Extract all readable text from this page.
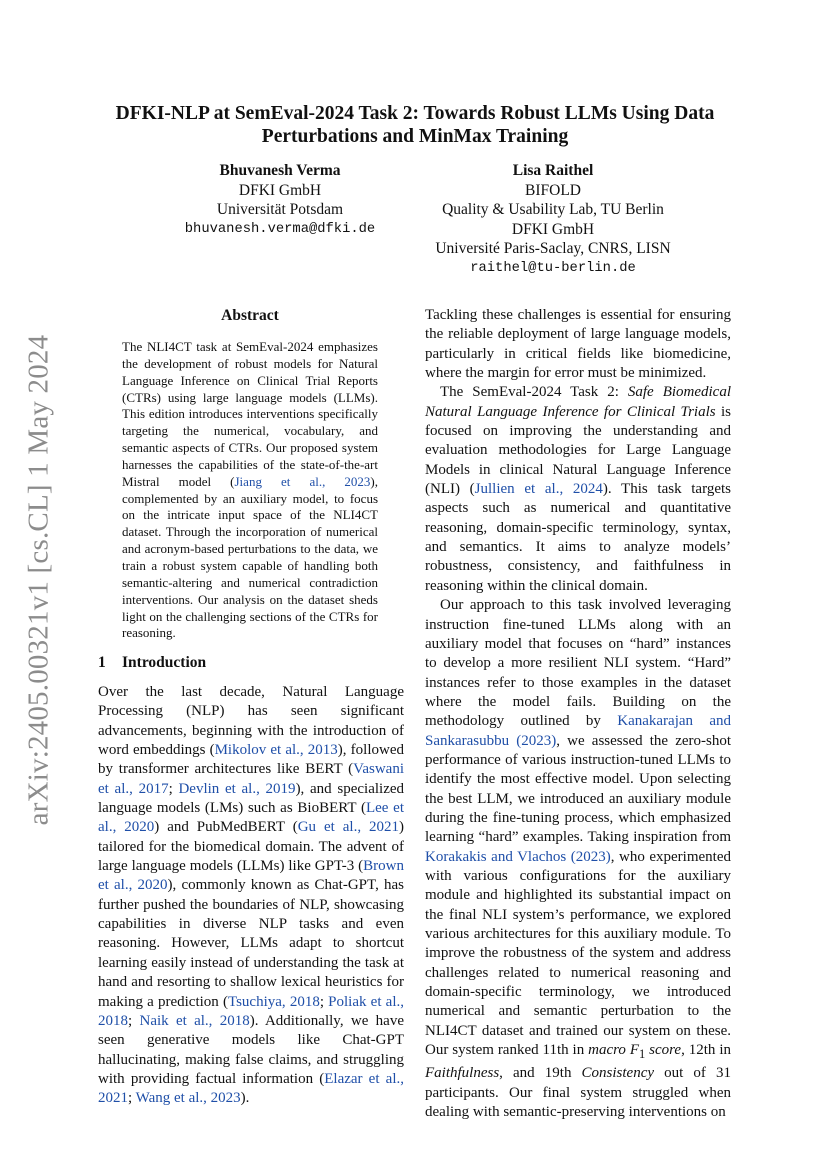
arXiv:2405.00321v1 [cs.CL] 1 May 2024
DFKI-NLP at SemEval-2024 Task 2: Towards Robust LLMs Using Data Perturbations and MinMax Training
Bhuvanesh Verma
DFKI GmbH
Universität Potsdam
bhuvanesh.verma@dfki.de
Lisa Raithel
BIFOLD
Quality & Usability Lab, TU Berlin
DFKI GmbH
Université Paris-Saclay, CNRS, LISN
raithel@tu-berlin.de
Abstract

The NLI4CT task at SemEval-2024 emphasizes the development of robust models for Natural Language Inference on Clinical Trial Reports (CTRs) using large language models (LLMs). This edition introduces interventions specifically targeting the numerical, vocabulary, and semantic aspects of CTRs. Our proposed system harnesses the capabilities of the state-of-the-art Mistral model (Jiang et al., 2023), complemented by an auxiliary model, to focus on the intricate input space of the NLI4CT dataset. Through the incorporation of numerical and acronym-based perturbations to the data, we train a robust system capable of handling both semantic-altering and numerical contradiction interventions. Our analysis on the dataset sheds light on the challenging sections of the CTRs for reasoning.

1 Introduction

Over the last decade, Natural Language Processing (NLP) has seen significant advancements, beginning with the introduction of word embeddings (Mikolov et al., 2013), followed by transformer architectures like BERT (Vaswani et al., 2017; Devlin et al., 2019), and specialized language models (LMs) such as BioBERT (Lee et al., 2020) and PubMedBERT (Gu et al., 2021) tailored for the biomedical domain. The advent of large language models (LLMs) like GPT-3 (Brown et al., 2020), commonly known as Chat-GPT, has further pushed the boundaries of NLP, showcasing capabilities in diverse NLP tasks and even reasoning. However, LLMs adapt to shortcut learning easily instead of understanding the task at hand and resorting to shallow lexical heuristics for making a prediction (Tsuchiya, 2018; Poliak et al., 2018; Naik et al., 2018). Additionally, we have seen generative models like Chat-GPT hallucinating, making false claims, and struggling with providing factual information (Elazar et al., 2021; Wang et al., 2023).

Tackling these challenges is essential for ensuring the reliable deployment of large language models, particularly in critical fields like biomedicine, where the margin for error must be minimized.

The SemEval-2024 Task 2: Safe Biomedical Natural Language Inference for Clinical Trials is focused on improving the understanding and evaluation methodologies for Large Language Models in clinical Natural Language Inference (NLI) (Jullien et al., 2024). This task targets aspects such as numerical and quantitative reasoning, domain-specific terminology, syntax, and semantics. It aims to analyze models’ robustness, consistency, and faithfulness in reasoning within the clinical domain.

Our approach to this task involved leveraging instruction fine-tuned LLMs along with an auxiliary model that focuses on “hard” instances to develop a more resilient NLI system. “Hard” instances refer to those examples in the dataset where the model fails. Building on the methodology outlined by Kanakarajan and Sankarasubbu (2023), we assessed the zero-shot performance of various instruction-tuned LLMs to identify the most effective model. Upon selecting the best LLM, we introduced an auxiliary module during the fine-tuning process, which emphasized learning “hard” examples. Taking inspiration from Korakakis and Vlachos (2023), who experimented with various configurations for the auxiliary module and highlighted its substantial impact on the final NLI system’s performance, we explored various architectures for this auxiliary module. To improve the robustness of the system and address challenges related to numerical reasoning and domain-specific terminology, we introduced numerical and semantic perturbation to the NLI4CT dataset and trained our system on these. Our system ranked 11th in macro $F_1$ score, 12th in Faithfulness, and 19th Consistency out of 31 participants. Our final system struggled when dealing with semantic-preserving interventions on
